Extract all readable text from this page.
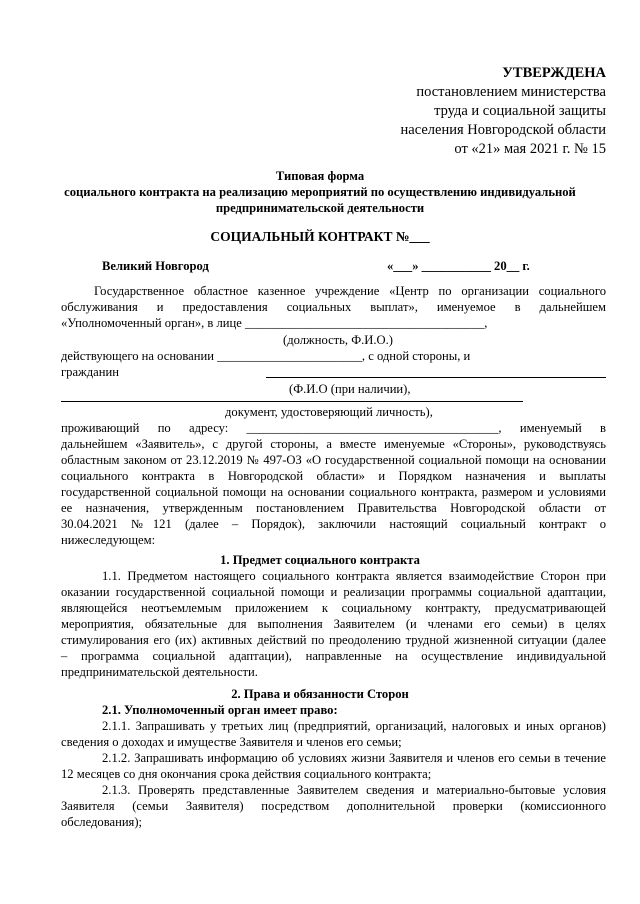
УТВЕРЖДЕНА
постановлением министерства
труда и социальной защиты
населения Новгородской области
от «21» мая 2021 г. № 15
Типовая форма
социального контракта на реализацию мероприятий по осуществлению индивидуальной
предпринимательской деятельности
СОЦИАЛЬНЫЙ КОНТРАКТ №___
Великий Новгород	«___» ___________ 20__ г.
Государственное областное казенное учреждение «Центр по организации социального
обслуживания и предоставления социальных выплат», именуемое в дальнейшем
«Уполномоченный орган», в лице ______________________________________,
(должность, Ф.И.О.)
действующего на основании _______________________, с одной стороны, и
гражданин
(Ф.И.О (при наличии),
документ, удостоверяющий личность),
проживающий по адресу: ________________________________________, именуемый в
дальнейшем «Заявитель», с другой стороны, а вместе именуемые «Стороны», руководствуясь
областным законом от 23.12.2019 № 497-ОЗ «О государственной социальной помощи на основании
социального контракта в Новгородской области» и Порядком назначения и выплаты
государственной социальной помощи на основании социального контракта, размером и условиями
ее назначения, утвержденным постановлением Правительства Новгородской области от
30.04.2021 №121 (далее – Порядок), заключили настоящий социальный контракт о
нижеследующем:
1. Предмет социального контракта
1.1. Предметом настоящего социального контракта является взаимодействие Сторон при
оказании государственной социальной помощи и реализации программы социальной адаптации,
являющейся неотъемлемым приложением к социальному контракту, предусматривающей
мероприятия, обязательные для выполнения Заявителем (и членами его семьи) в целях
стимулирования его (их) активных действий по преодолению трудной жизненной ситуации (далее
– программа социальной адаптации), направленные на осуществление индивидуальной
предпринимательской деятельности.
2. Права и обязанности Сторон
2.1. Уполномоченный орган имеет право:
2.1.1. Запрашивать у третьих лиц (предприятий, организаций, налоговых и иных органов)
сведения о доходах и имуществе Заявителя и членов его семьи;
2.1.2. Запрашивать информацию об условиях жизни Заявителя и членов его семьи в течение
12 месяцев со дня окончания срока действия социального контракта;
2.1.3. Проверять представленные Заявителем сведения и материально-бытовые условия
Заявителя (семьи Заявителя) посредством дополнительной проверки (комиссионного
обследования);
